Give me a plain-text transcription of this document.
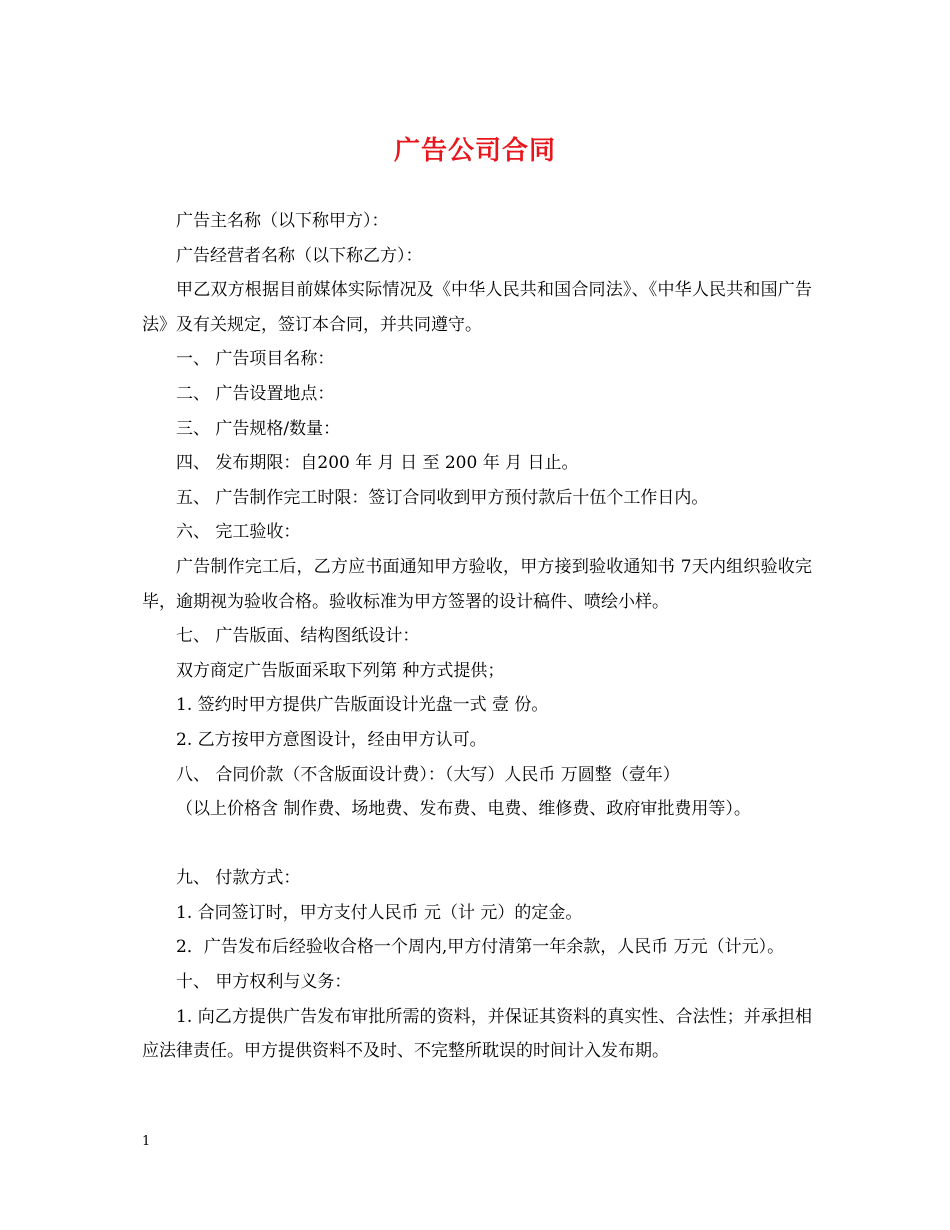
广告公司合同

广告主名称（以下称甲方）：

广告经营者名称（以下称乙方）：

甲乙双方根据目前媒体实际情况及《中华人民共和国合同法》、《中华人民共和国广告法》及有关规定，签订本合同，并共同遵守。

一、 广告项目名称：

二、 广告设置地点：

三、 广告规格/数量：

四、 发布期限：自200 年 月 日 至 200 年 月 日止。

五、 广告制作完工时限：签订合同收到甲方预付款后十伍个工作日内。

六、 完工验收：

广告制作完工后，乙方应书面通知甲方验收，甲方接到验收通知书 7天内组织验收完毕，逾期视为验收合格。验收标准为甲方签署的设计稿件、喷绘小样。

七、 广告版面、结构图纸设计：

双方商定广告版面采取下列第 种方式提供；

1. 签约时甲方提供广告版面设计光盘一式 壹 份。

2. 乙方按甲方意图设计，经由甲方认可。

八、 合同价款（不含版面设计费）：（大写）人民币 万圆整（壹年）

（以上价格含 制作费、场地费、发布费、电费、维修费、政府审批费用等）。

九、 付款方式：

1. 合同签订时，甲方支付人民币 元（计 元）的定金。

2．广告发布后经验收合格一个周内,甲方付清第一年余款，人民币 万元（计元）。

十、 甲方权利与义务：

1. 向乙方提供广告发布审批所需的资料，并保证其资料的真实性、合法性；并承担相应法律责任。甲方提供资料不及时、不完整所耽误的时间计入发布期。

1
